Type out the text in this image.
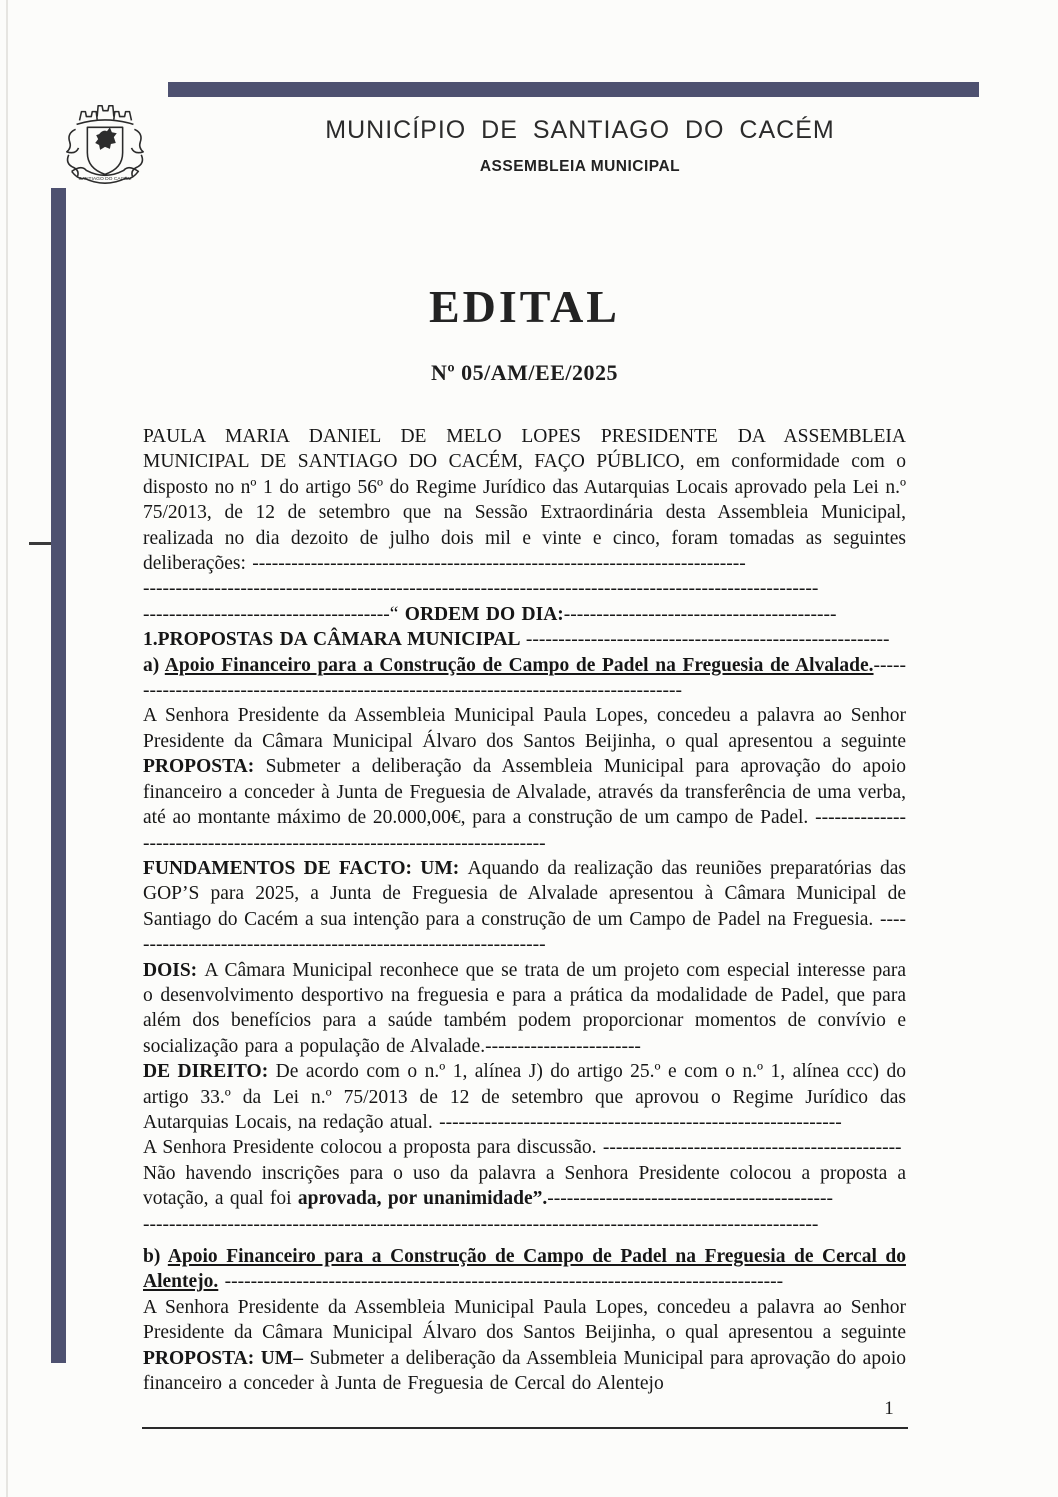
SANTIAGO DO CACÉM
MUNICÍPIO DE SANTIAGO DO CACÉM
ASSEMBLEIA MUNICIPAL
EDITAL
Nº 05/AM/EE/2025

PAULA MARIA DANIEL DE MELO LOPES PRESIDENTE DA ASSEMBLEIA MUNICIPAL DE SANTIAGO DO CACÉM, FAÇO PÚBLICO, em conformidade com o disposto no nº 1 do artigo 56º do Regime Jurídico das Autarquias Locais aprovado pela Lei n.º 75/2013, de 12 de setembro que na Sessão Extraordinária desta Assembleia Municipal, realizada no dia dezoito de julho dois mil e vinte e cinco, foram tomadas as seguintes deliberações: ----------------------------------------------------------------------------

--------------------------------------------------------------------------------------------------------

--------------------------------------“ ORDEM DO DIA:------------------------------------------

1.PROPOSTAS DA CÂMARA MUNICIPAL --------------------------------------------------------

a) Apoio Financeiro para a Construção de Campo de Padel na Freguesia de Alvalade.----------------------------------------------------------------------------------------

A Senhora Presidente da Assembleia Municipal Paula Lopes, concedeu a palavra ao Senhor Presidente da Câmara Municipal Álvaro dos Santos Beijinha, o qual apresentou a seguinte PROPOSTA: Submeter a deliberação da Assembleia Municipal para aprovação do apoio financeiro a conceder à Junta de Freguesia de Alvalade, através da transferência de uma verba, até ao montante máximo de 20.000,00€, para a construção de um campo de Padel. ----------------------------------------------------------------------------

FUNDAMENTOS DE FACTO: UM: Aquando da realização das reuniões preparatórias das GOP’S para 2025, a Junta de Freguesia de Alvalade apresentou à Câmara Municipal de Santiago do Cacém a sua intenção para a construção de um Campo de Padel na Freguesia. ------------------------------------------------------------------

DOIS: A Câmara Municipal reconhece que se trata de um projeto com especial interesse para o desenvolvimento desportivo na freguesia e para a prática da modalidade de Padel, que para além dos benefícios para a saúde também podem proporcionar momentos de convívio e socialização para a população de Alvalade.------------------------

DE DIREITO: De acordo com o n.º 1, alínea J) do artigo 25.º e com o n.º 1, alínea ccc) do artigo 33.º da Lei n.º 75/2013 de 12 de setembro que aprovou o Regime Jurídico das Autarquias Locais, na redação atual. --------------------------------------------------------------

A Senhora Presidente colocou a proposta para discussão. ----------------------------------------------

Não havendo inscrições para o uso da palavra a Senhora Presidente colocou a proposta a votação, a qual foi aprovada, por unanimidade”.--------------------------------------------

--------------------------------------------------------------------------------------------------------

b) Apoio Financeiro para a Construção de Campo de Padel na Freguesia de Cercal do Alentejo. --------------------------------------------------------------------------------------

A Senhora Presidente da Assembleia Municipal Paula Lopes, concedeu a palavra ao Senhor Presidente da Câmara Municipal Álvaro dos Santos Beijinha, o qual apresentou a seguinte PROPOSTA: UM– Submeter a deliberação da Assembleia Municipal para aprovação do apoio financeiro a conceder à Junta de Freguesia de Cercal do Alentejo

1
